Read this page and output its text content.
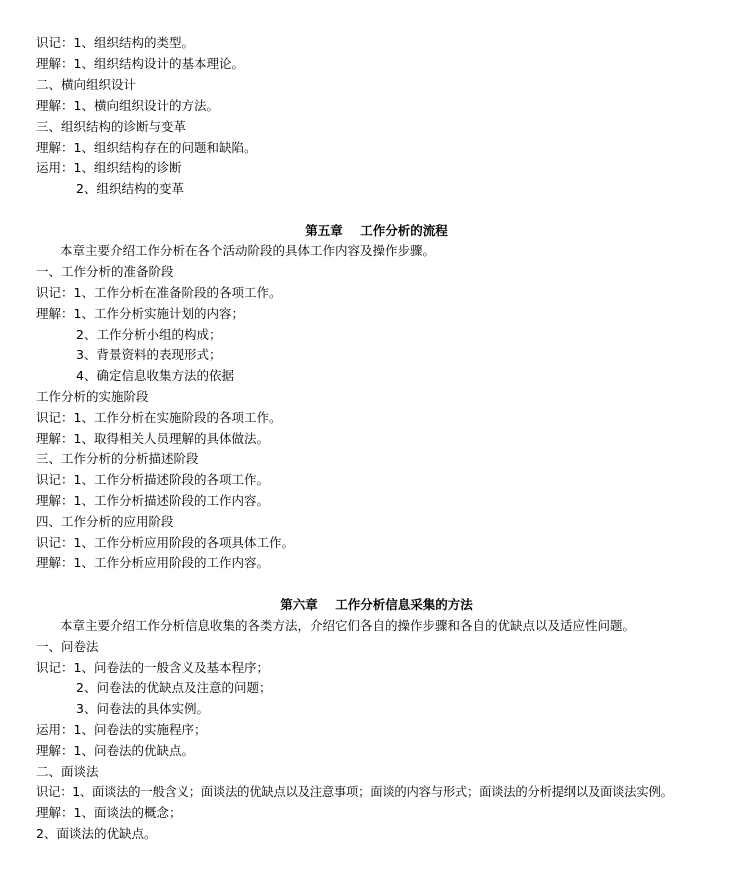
识记：1、组织结构的类型。
理解：1、组织结构设计的基本理论。
二、横向组织设计
理解：1、横向组织设计的方法。
三、组织结构的诊断与变革
理解：1、组织结构存在的问题和缺陷。
运用：1、组织结构的诊断
2、组织结构的变革
第五章    工作分析的流程
本章主要介绍工作分析在各个活动阶段的具体工作内容及操作步骤。
一、工作分析的准备阶段
识记：1、工作分析在准备阶段的各项工作。
理解：1、工作分析实施计划的内容；
2、工作分析小组的构成；
3、背景资料的表现形式；
4、确定信息收集方法的依据
工作分析的实施阶段
识记：1、工作分析在实施阶段的各项工作。
理解：1、取得相关人员理解的具体做法。
三、工作分析的分析描述阶段
识记：1、工作分析描述阶段的各项工作。
理解：1、工作分析描述阶段的工作内容。
四、工作分析的应用阶段
识记：1、工作分析应用阶段的各项具体工作。
理解：1、工作分析应用阶段的工作内容。
第六章    工作分析信息采集的方法
本章主要介绍工作分析信息收集的各类方法，介绍它们各自的操作步骤和各自的优缺点以及适应性问题。
一、问卷法
识记：1、问卷法的一般含义及基本程序；
2、问卷法的优缺点及注意的问题；
3、问卷法的具体实例。
运用：1、问卷法的实施程序；
理解：1、问卷法的优缺点。
二、面谈法
识记：1、面谈法的一般含义；面谈法的优缺点以及注意事项；面谈的内容与形式；面谈法的分析提纲以及面谈法实例。
理解：1、面谈法的概念；
2、面谈法的优缺点。
